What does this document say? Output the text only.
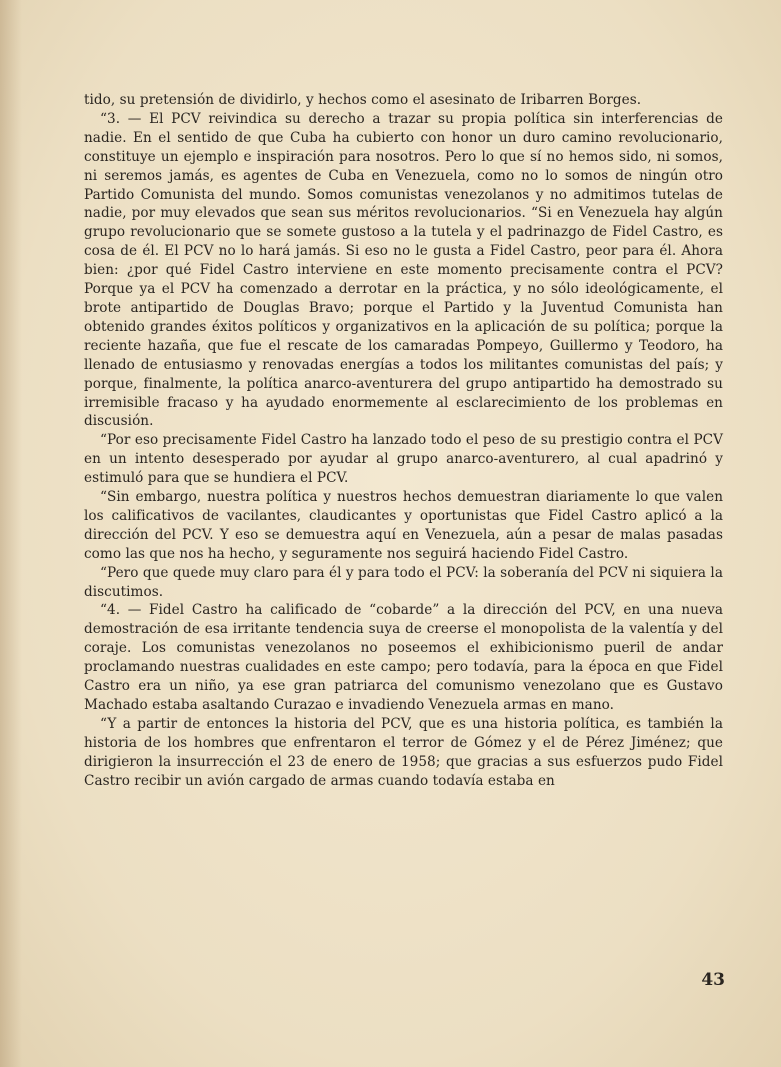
tido, su pretensión de dividirlo, y hechos como el asesinato de Iribarren Borges.

“3. — El PCV reivindica su derecho a trazar su propia política sin interferencias de nadie. En el sentido de que Cuba ha cubierto con honor un duro camino revolucionario, constituye un ejemplo e inspiración para nosotros. Pero lo que sí no hemos sido, ni somos, ni seremos jamás, es agentes de Cuba en Venezuela, como no lo somos de ningún otro Partido Comunista del mundo. Somos comunistas venezolanos y no admitimos tutelas de nadie, por muy elevados que sean sus méritos revolucionarios. “Si en Venezuela hay algún grupo revolucionario que se somete gustoso a la tutela y el padrinazgo de Fidel Castro, es cosa de él. El PCV no lo hará jamás. Si eso no le gusta a Fidel Castro, peor para él. Ahora bien: ¿por qué Fidel Castro interviene en este momento precisamente contra el PCV? Porque ya el PCV ha comenzado a derrotar en la práctica, y no sólo ideológicamente, el brote antipartido de Douglas Bravo; porque el Partido y la Juventud Comunista han obtenido grandes éxitos políticos y organizativos en la aplicación de su política; porque la reciente hazaña, que fue el rescate de los camaradas Pompeyo, Guillermo y Teodoro, ha llenado de entusiasmo y renovadas energías a todos los militantes comunistas del país; y porque, finalmente, la política anarco-aventurera del grupo antipartido ha demostrado su irremisible fracaso y ha ayudado enormemente al esclarecimiento de los problemas en discusión.

“Por eso precisamente Fidel Castro ha lanzado todo el peso de su prestigio contra el PCV en un intento desesperado por ayudar al grupo anarco-aventurero, al cual apadrinó y estimuló para que se hundiera el PCV.

“Sin embargo, nuestra política y nuestros hechos demuestran diariamente lo que valen los calificativos de vacilantes, claudicantes y oportunistas que Fidel Castro aplicó a la dirección del PCV. Y eso se demuestra aquí en Venezuela, aún a pesar de malas pasadas como las que nos ha hecho, y seguramente nos seguirá haciendo Fidel Castro.

“Pero que quede muy claro para él y para todo el PCV: la soberanía del PCV ni siquiera la discutimos.

“4. — Fidel Castro ha calificado de “cobarde” a la dirección del PCV, en una nueva demostración de esa irritante tendencia suya de creerse el monopolista de la valentía y del coraje. Los comunistas venezolanos no poseemos el exhibicionismo pueril de andar proclamando nuestras cualidades en este campo; pero todavía, para la época en que Fidel Castro era un niño, ya ese gran patriarca del comunismo venezolano que es Gustavo Machado estaba asaltando Curazao e invadiendo Venezuela armas en mano.

“Y a partir de entonces la historia del PCV, que es una historia política, es también la historia de los hombres que enfrentaron el terror de Gómez y el de Pérez Jiménez; que dirigieron la insurrección el 23 de enero de 1958; que gracias a sus esfuerzos pudo Fidel Castro recibir un avión cargado de armas cuando todavía estaba en

43
